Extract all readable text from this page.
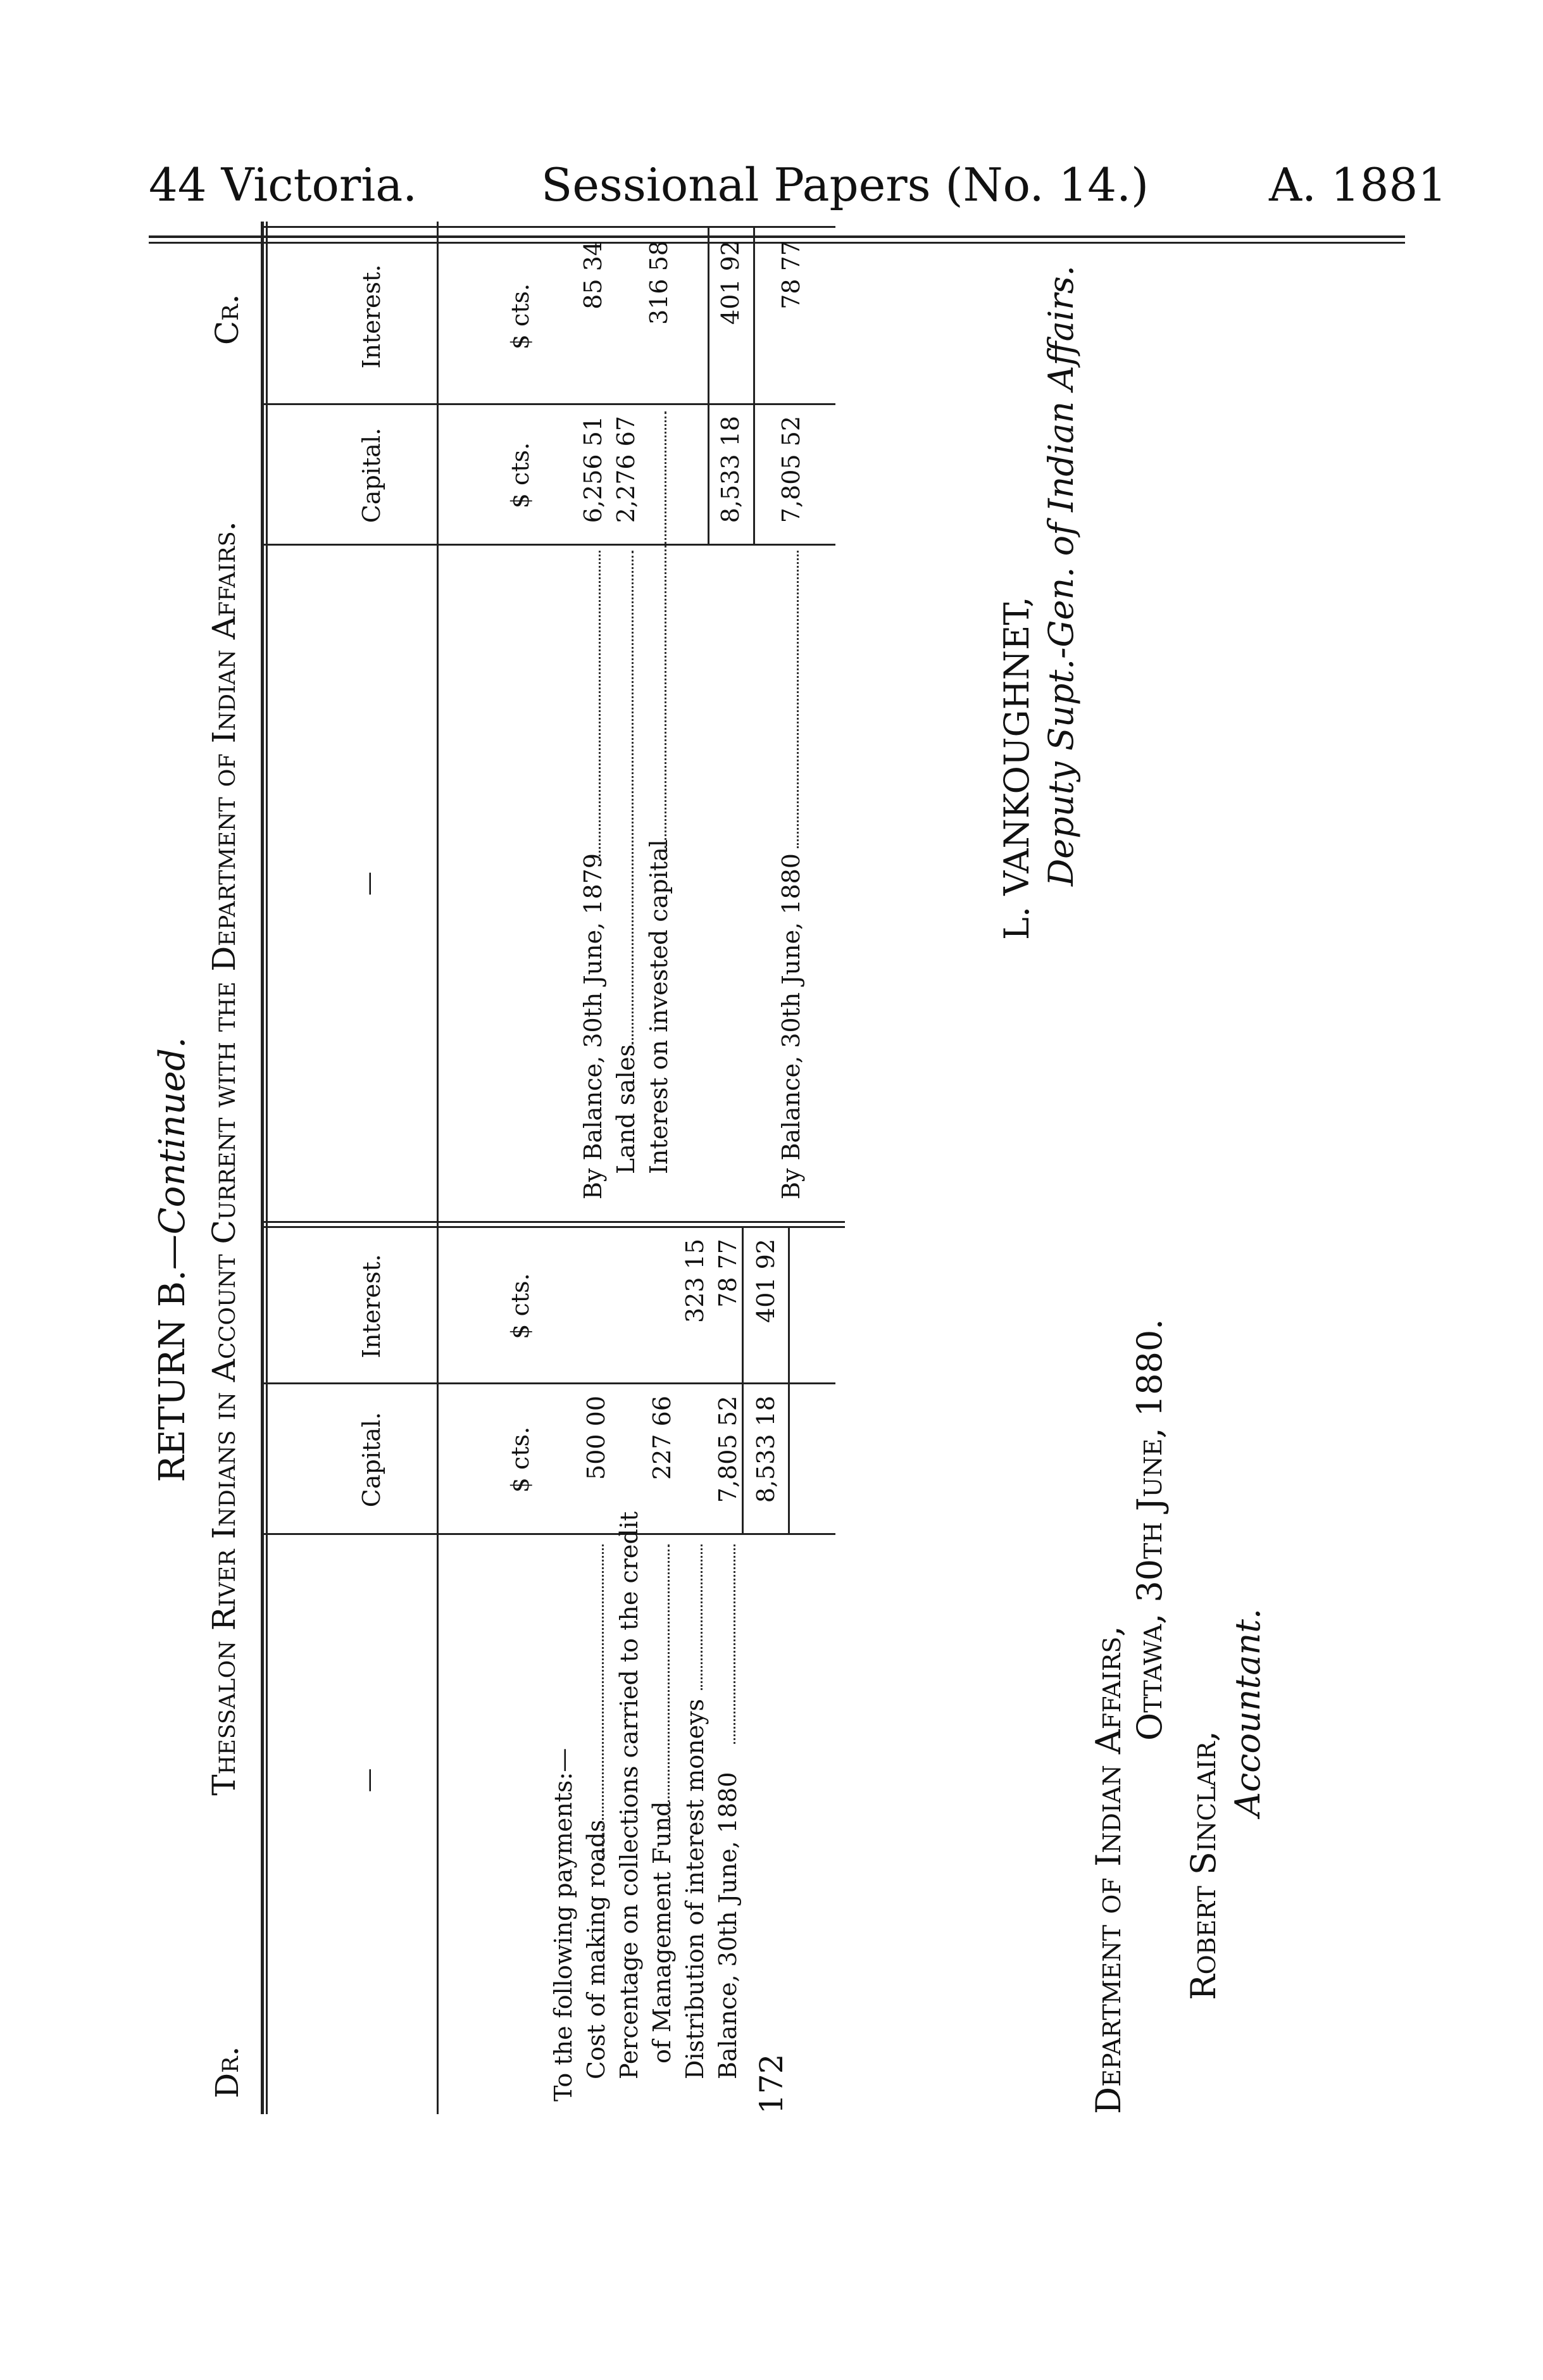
44 Victoria.	Sessional Papers (No. 14.)	A. 1881
RETURN B.—Continued. Thessalon River Indians in Account Current with the Department of Indian Affairs.
Dr.
Cr.
—
Capital.
Interest.
$ cts.
$ cts.
—
Capital.
Interest.
$ cts.
$ cts.
To the following payments:— Cost of making roads Percentage on collections carried to the credit of Management Fund Distribution of interest moneys Balance, 30th June, 1880
500 00 227 66
323 15
7,805 52
78 77
8,533 18
401 92
By Balance, 30th June, 1879 Land sales Interest on invested capital
6,256 51
85 34
2,276 67
316 58
8,533 18
401 92
By Balance, 30th June, 1880
7,805 52
78 77
172
L. VANKOUGHNET, Deputy Supt.-Gen. of Indian Affairs.
Department of Indian Affairs,
Ottawa, 30th June, 1880.
Robert Sinclair,
Accountant.
